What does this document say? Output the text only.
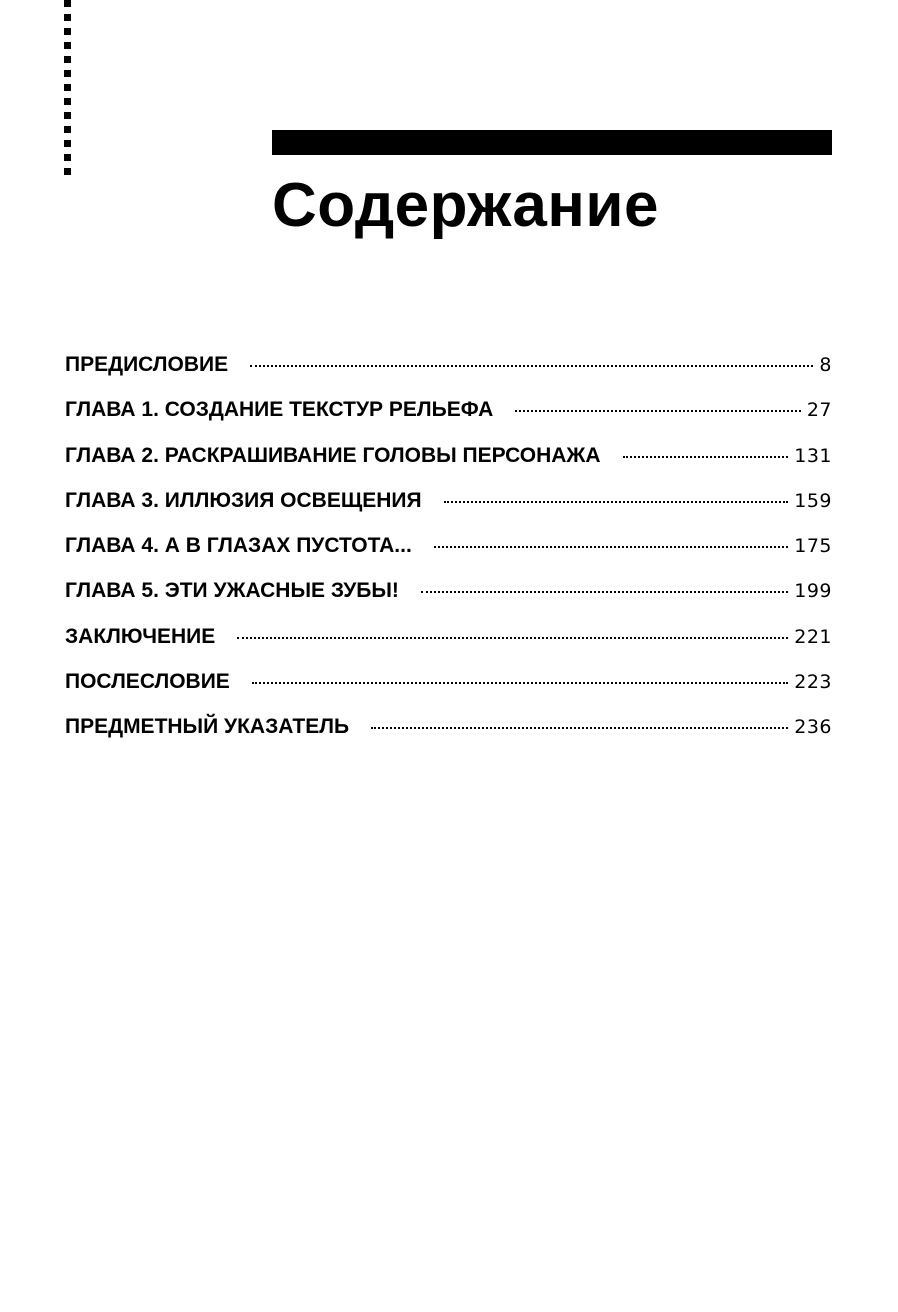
Содержание
ПРЕДИСЛОВИЕ	8
ГЛАВА 1. СОЗДАНИЕ ТЕКСТУР РЕЛЬЕФА	27
ГЛАВА 2. РАСКРАШИВАНИЕ ГОЛОВЫ ПЕРСОНАЖА	131
ГЛАВА 3. ИЛЛЮЗИЯ ОСВЕЩЕНИЯ	159
ГЛАВА 4. А В ГЛАЗАХ ПУСТОТА...	175
ГЛАВА 5. ЭТИ УЖАСНЫЕ ЗУБЫ!	199
ЗАКЛЮЧЕНИЕ	221
ПОСЛЕСЛОВИЕ	223
ПРЕДМЕТНЫЙ УКАЗАТЕЛЬ	236
